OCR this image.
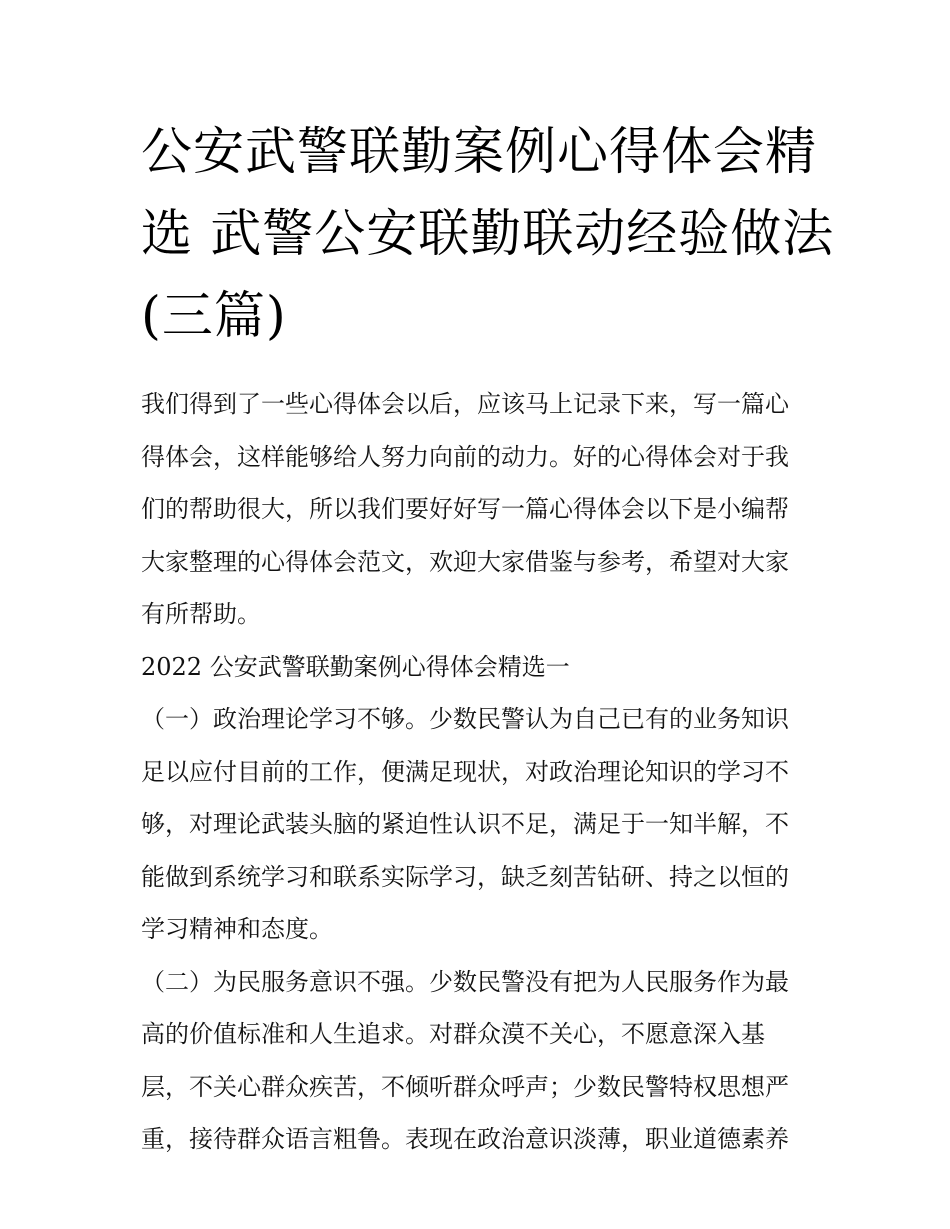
公安武警联勤案例心得体会精
选 武警公安联勤联动经验做法
(三篇)
我们得到了一些心得体会以后，应该马上记录下来，写一篇心
得体会，这样能够给人努力向前的动力。好的心得体会对于我
们的帮助很大，所以我们要好好写一篇心得体会以下是小编帮
大家整理的心得体会范文，欢迎大家借鉴与参考，希望对大家
有所帮助。
2022 公安武警联勤案例心得体会精选一
（一）政治理论学习不够。少数民警认为自己已有的业务知识
足以应付目前的工作，便满足现状，对政治理论知识的学习不
够，对理论武装头脑的紧迫性认识不足，满足于一知半解，不
能做到系统学习和联系实际学习，缺乏刻苦钻研、持之以恒的
学习精神和态度。
（二）为民服务意识不强。少数民警没有把为人民服务作为最
高的价值标准和人生追求。对群众漠不关心，不愿意深入基
层，不关心群众疾苦，不倾听群众呼声；少数民警特权思想严
重，接待群众语言粗鲁。表现在政治意识淡薄，职业道德素养
